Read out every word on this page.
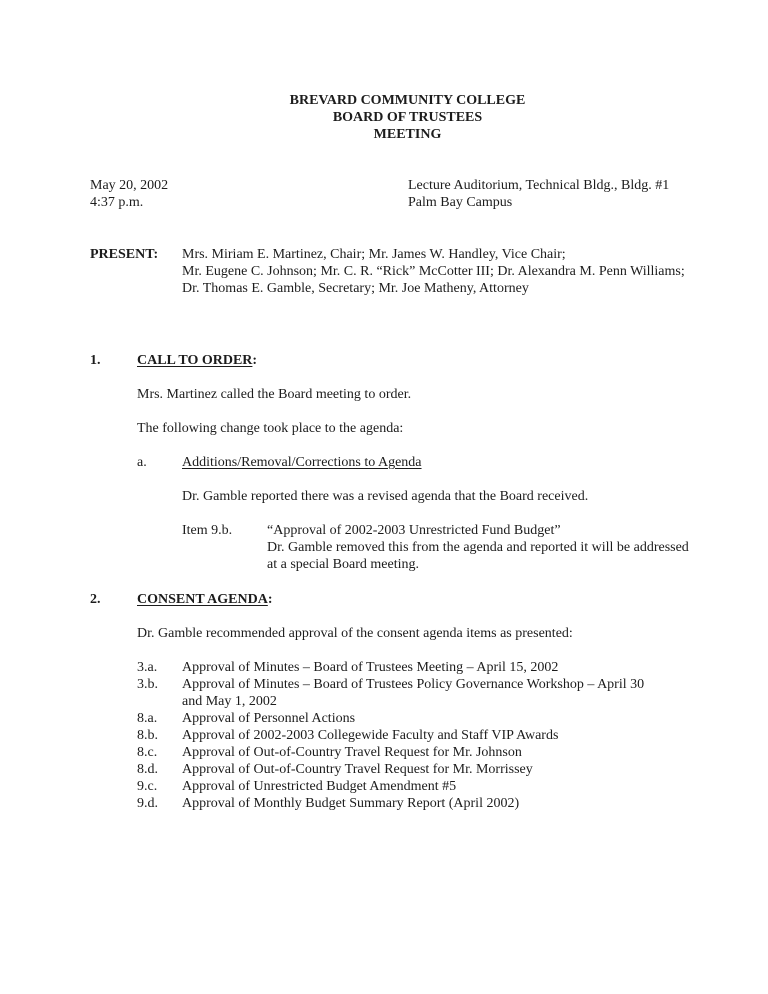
BREVARD COMMUNITY COLLEGE
BOARD OF TRUSTEES
MEETING
May 20, 2002
4:37 p.m.
Lecture Auditorium, Technical Bldg., Bldg. #1
Palm Bay Campus
PRESENT:	Mrs. Miriam E. Martinez, Chair; Mr. James W. Handley, Vice Chair;
Mr. Eugene C. Johnson; Mr. C. R. “Rick” McCotter III; Dr. Alexandra M. Penn Williams;
Dr. Thomas E. Gamble, Secretary; Mr. Joe Matheny, Attorney
1.	CALL TO ORDER:
Mrs. Martinez called the Board meeting to order.
The following change took place to the agenda:
a.	Additions/Removal/Corrections to Agenda
Dr. Gamble reported there was a revised agenda that the Board received.
Item 9.b.	“Approval of 2002-2003 Unrestricted Fund Budget”
Dr. Gamble removed this from the agenda and reported it will be addressed
at a special Board meeting.
2.	CONSENT AGENDA:
Dr. Gamble recommended approval of the consent agenda items as presented:
3.a.	Approval of Minutes – Board of Trustees Meeting – April 15, 2002
3.b.	Approval of Minutes – Board of Trustees Policy Governance Workshop – April 30
and May 1, 2002
8.a.	Approval of Personnel Actions
8.b.	Approval of 2002-2003 Collegewide Faculty and Staff VIP Awards
8.c.	Approval of Out-of-Country Travel Request for Mr. Johnson
8.d.	Approval of Out-of-Country Travel Request for Mr. Morrissey
9.c.	Approval of Unrestricted Budget Amendment #5
9.d.	Approval of Monthly Budget Summary Report (April 2002)
